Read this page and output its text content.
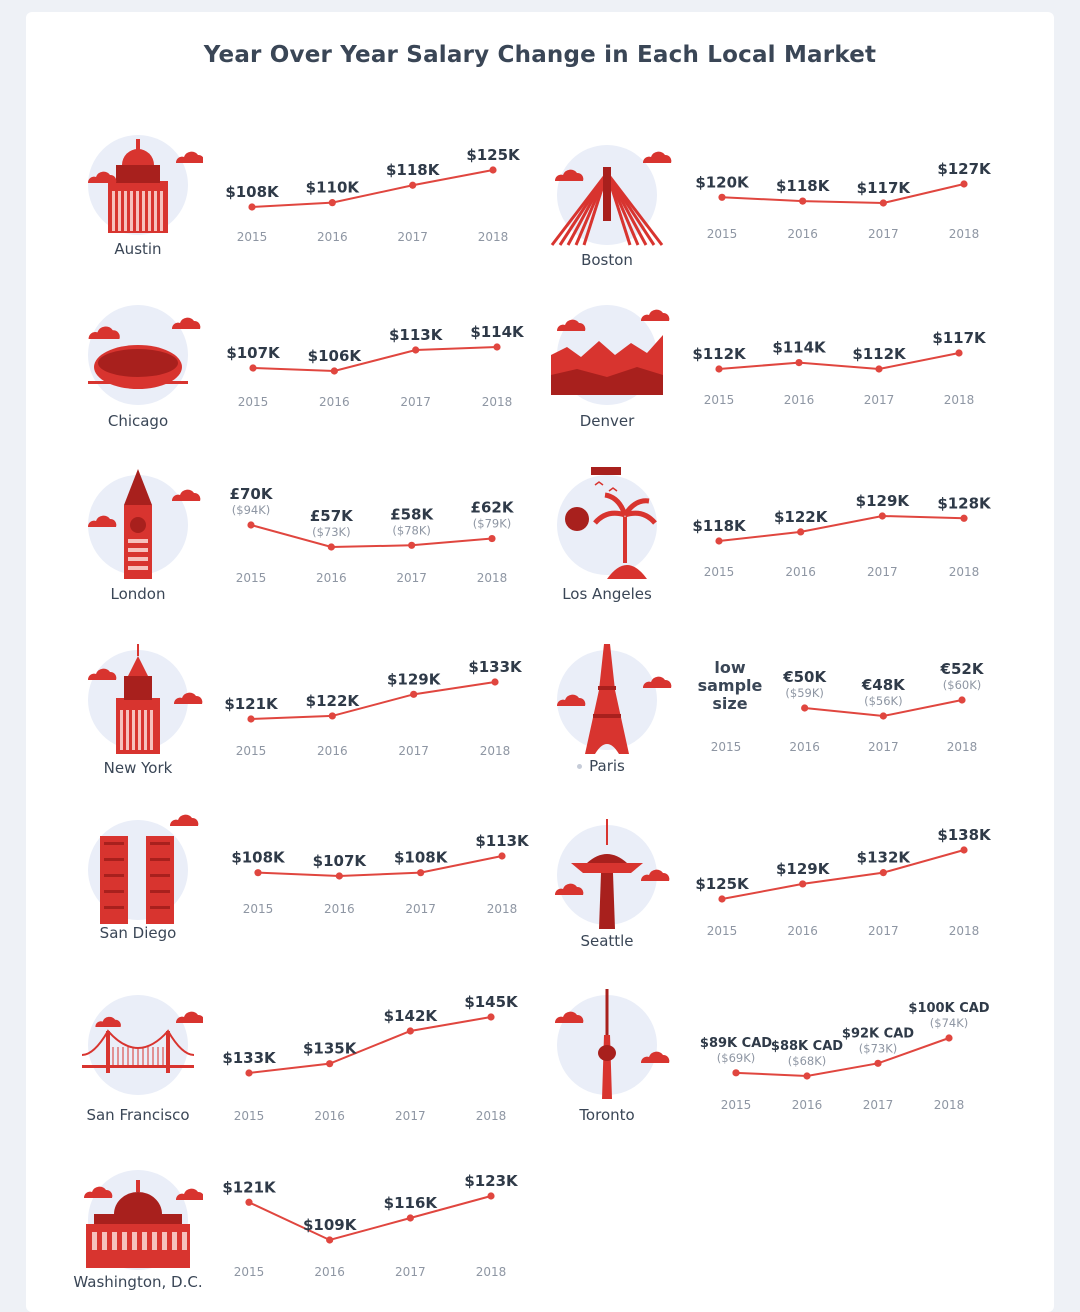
Year Over Year Salary Change in Each Local Market
Austin
2015
$108K
2016
$110K
2017
$118K
2018
$125K
Boston
2015
$120K
2016
$118K
2017
$117K
2018
$127K
Chicago
2015
$107K
2016
$106K
2017
$113K
2018
$114K
Denver
2015
$112K
2016
$114K
2017
$112K
2018
$117K
London
2015
£70K
($94K)
2016
£57K
($73K)
2017
£58K
($78K)
2018
£62K
($79K)
Los Angeles
2015
$118K
2016
$122K
2017
$129K
2018
$128K
New York
2015
$121K
2016
$122K
2017
$129K
2018
$133K
Paris
2015	2016
€50K
($59K)
2017
€48K
($56K)
2018
€52K
($60K)
low sample size
San Diego
2015
$108K
2016
$107K
2017
$108K
2018
$113K
Seattle
2015
$125K
2016
$129K
2017
$132K
2018
$138K
San Francisco	2015
$133K
2016
$135K
2017
$142K
2018
$145K
Toronto
2015
$89K CAD
($69K)
2016
$88K CAD
($68K)
2017
$92K CAD
($73K)
2018
$100K CAD
($74K)
Washington, D.C.
2015
$121K
2016
$109K
2017
$116K
2018
$123K
